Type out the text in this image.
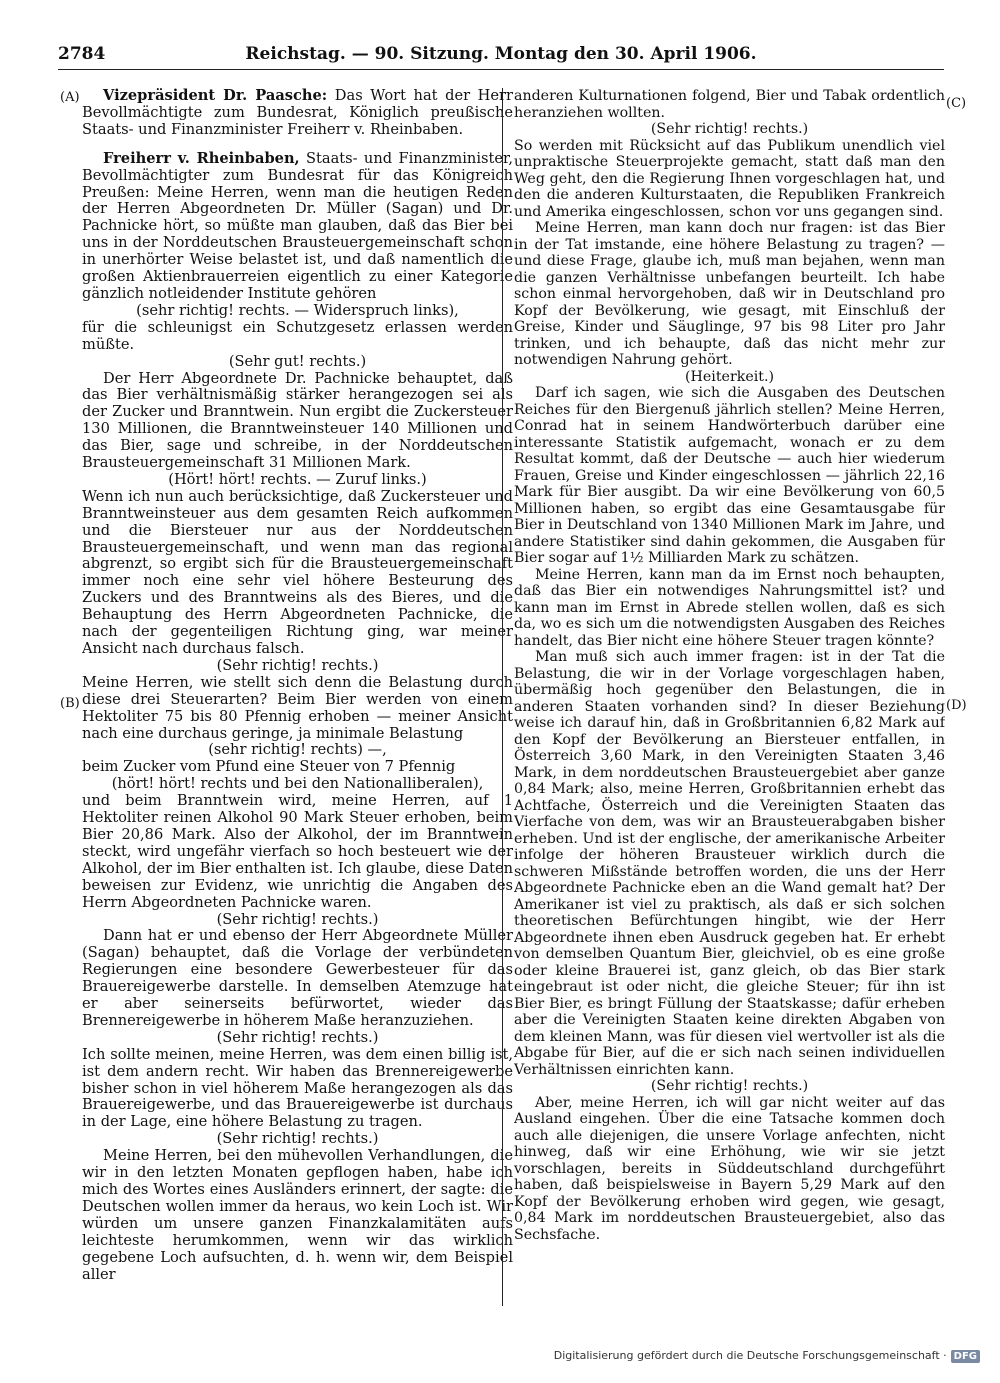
2784	Reichstag. — 90. Sitzung. Montag den 30. April 1906.
(A)
(B)
(C)
(D)

Vizepräsident Dr. Paasche: Das Wort hat der Herr Bevollmächtigte zum Bundesrat, Königlich preußische Staats- und Finanzminister Freiherr v. Rheinbaben.

Freiherr v. Rheinbaben, Staats- und Finanzminister, Bevollmächtigter zum Bundesrat für das Königreich Preußen: Meine Herren, wenn man die heutigen Reden der Herren Abgeordneten Dr. Müller (Sagan) und Dr. Pachnicke hört, so müßte man glauben, daß das Bier bei uns in der Norddeutschen Brausteuergemeinschaft schon in unerhörter Weise belastet ist, und daß namentlich die großen Aktienbrauerreien eigentlich zu einer Kategorie gänzlich notleidender Institute gehören

(sehr richtig! rechts. — Widerspruch links),

für die schleunigst ein Schutzgesetz erlassen werden müßte.

(Sehr gut! rechts.)

Der Herr Abgeordnete Dr. Pachnicke behauptet, daß das Bier verhältnismäßig stärker herangezogen sei als der Zucker und Branntwein. Nun ergibt die Zuckersteuer 130 Millionen, die Branntweinsteuer 140 Millionen und das Bier, sage und schreibe, in der Norddeutschen Brausteuergemeinschaft 31 Millionen Mark.

(Hört! hört! rechts. — Zuruf links.)

Wenn ich nun auch berücksichtige, daß Zuckersteuer und Branntweinsteuer aus dem gesamten Reich aufkommen und die Biersteuer nur aus der Norddeutschen Brausteuergemeinschaft, und wenn man das regional abgrenzt, so ergibt sich für die Brausteuergemeinschaft immer noch eine sehr viel höhere Besteurung des Zuckers und des Branntweins als des Bieres, und die Behauptung des Herrn Abgeordneten Pachnicke, die nach der gegenteiligen Richtung ging, war meiner Ansicht nach durchaus falsch.

(Sehr richtig! rechts.)

Meine Herren, wie stellt sich denn die Belastung durch diese drei Steuerarten? Beim Bier werden von einem Hektoliter 75 bis 80 Pfennig erhoben — meiner Ansicht nach eine durchaus geringe, ja minimale Belastung

(sehr richtig! rechts) —,

beim Zucker vom Pfund eine Steuer von 7 Pfennig

(hört! hört! rechts und bei den Nationalliberalen),

und beim Branntwein wird, meine Herren, auf 1 Hektoliter reinen Alkohol 90 Mark Steuer erhoben, beim Bier 20,86 Mark. Also der Alkohol, der im Branntwein steckt, wird ungefähr vierfach so hoch besteuert wie der Alkohol, der im Bier enthalten ist. Ich glaube, diese Daten beweisen zur Evidenz, wie unrichtig die Angaben des Herrn Abgeordneten Pachnicke waren.

(Sehr richtig! rechts.)

Dann hat er und ebenso der Herr Abgeordnete Müller (Sagan) behauptet, daß die Vorlage der verbündeten Regierungen eine besondere Gewerbesteuer für das Brauereigewerbe darstelle. In demselben Atemzuge hat er aber seinerseits befürwortet, wieder das Brennereigewerbe in höherem Maße heranzuziehen.

(Sehr richtig! rechts.)

Ich sollte meinen, meine Herren, was dem einen billig ist, ist dem andern recht. Wir haben das Brennereigewerbe bisher schon in viel höherem Maße herangezogen als das Brauereigewerbe, und das Brauereigewerbe ist durchaus in der Lage, eine höhere Belastung zu tragen.

(Sehr richtig! rechts.)

Meine Herren, bei den mühevollen Verhandlungen, die wir in den letzten Monaten gepflogen haben, habe ich mich des Wortes eines Ausländers erinnert, der sagte: die Deutschen wollen immer da heraus, wo kein Loch ist. Wir würden um unsere ganzen Finanzkalamitäten aufs leichteste herumkommen, wenn wir das wirklich gegebene Loch aufsuchten, d. h. wenn wir, dem Beispiel aller

anderen Kulturnationen folgend, Bier und Tabak ordentlich heranziehen wollten.

(Sehr richtig! rechts.)

So werden mit Rücksicht auf das Publikum unendlich viel unpraktische Steuerprojekte gemacht, statt daß man den Weg geht, den die Regierung Ihnen vorgeschlagen hat, und den die anderen Kulturstaaten, die Republiken Frankreich und Amerika eingeschlossen, schon vor uns gegangen sind.

Meine Herren, man kann doch nur fragen: ist das Bier in der Tat imstande, eine höhere Belastung zu tragen? — und diese Frage, glaube ich, muß man bejahen, wenn man die ganzen Verhältnisse unbefangen beurteilt. Ich habe schon einmal hervorgehoben, daß wir in Deutschland pro Kopf der Bevölkerung, wie gesagt, mit Einschluß der Greise, Kinder und Säuglinge, 97 bis 98 Liter pro Jahr trinken, und ich behaupte, daß das nicht mehr zur notwendigen Nahrung gehört.

(Heiterkeit.)

Darf ich sagen, wie sich die Ausgaben des Deutschen Reiches für den Biergenuß jährlich stellen? Meine Herren, Conrad hat in seinem Handwörterbuch darüber eine interessante Statistik aufgemacht, wonach er zu dem Resultat kommt, daß der Deutsche — auch hier wiederum Frauen, Greise und Kinder eingeschlossen — jährlich 22,16 Mark für Bier ausgibt. Da wir eine Bevölkerung von 60,5 Millionen haben, so ergibt das eine Gesamtausgabe für Bier in Deutschland von 1340 Millionen Mark im Jahre, und andere Statistiker sind dahin gekommen, die Ausgaben für Bier sogar auf 1½ Milliarden Mark zu schätzen.

Meine Herren, kann man da im Ernst noch behaupten, daß das Bier ein notwendiges Nahrungsmittel ist? und kann man im Ernst in Abrede stellen wollen, daß es sich da, wo es sich um die notwendigsten Ausgaben des Reiches handelt, das Bier nicht eine höhere Steuer tragen könnte?

Man muß sich auch immer fragen: ist in der Tat die Belastung, die wir in der Vorlage vorgeschlagen haben, übermäßig hoch gegenüber den Belastungen, die in anderen Staaten vorhanden sind? In dieser Beziehung weise ich darauf hin, daß in Großbritannien 6,82 Mark auf den Kopf der Bevölkerung an Biersteuer entfallen, in Österreich 3,60 Mark, in den Vereinigten Staaten 3,46 Mark, in dem norddeutschen Brausteuergebiet aber ganze 0,84 Mark; also, meine Herren, Großbritannien erhebt das Achtfache, Österreich und die Vereinigten Staaten das Vierfache von dem, was wir an Brausteuerabgaben bisher erheben. Und ist der englische, der amerikanische Arbeiter infolge der höheren Brausteuer wirklich durch die schweren Mißstände betroffen worden, die uns der Herr Abgeordnete Pachnicke eben an die Wand gemalt hat? Der Amerikaner ist viel zu praktisch, als daß er sich solchen theoretischen Befürchtungen hingibt, wie der Herr Abgeordnete ihnen eben Ausdruck gegeben hat. Er erhebt von demselben Quantum Bier, gleichviel, ob es eine große oder kleine Brauerei ist, ganz gleich, ob das Bier stark eingebraut ist oder nicht, die gleiche Steuer; für ihn ist Bier Bier, es bringt Füllung der Staatskasse; dafür erheben aber die Vereinigten Staaten keine direkten Abgaben von dem kleinen Mann, was für diesen viel wertvoller ist als die Abgabe für Bier, auf die er sich nach seinen individuellen Verhältnissen einrichten kann.

(Sehr richtig! rechts.)

Aber, meine Herren, ich will gar nicht weiter auf das Ausland eingehen. Über die eine Tatsache kommen doch auch alle diejenigen, die unsere Vorlage anfechten, nicht hinweg, daß wir eine Erhöhung, wie wir sie jetzt vorschlagen, bereits in Süddeutschland durchgeführt haben, daß beispielsweise in Bayern 5,29 Mark auf den Kopf der Bevölkerung erhoben wird gegen, wie gesagt, 0,84 Mark im norddeutschen Brausteuergebiet, also das Sechsfache.

Digitalisierung gefördert durch die Deutsche Forschungsgemeinschaft · DFG
